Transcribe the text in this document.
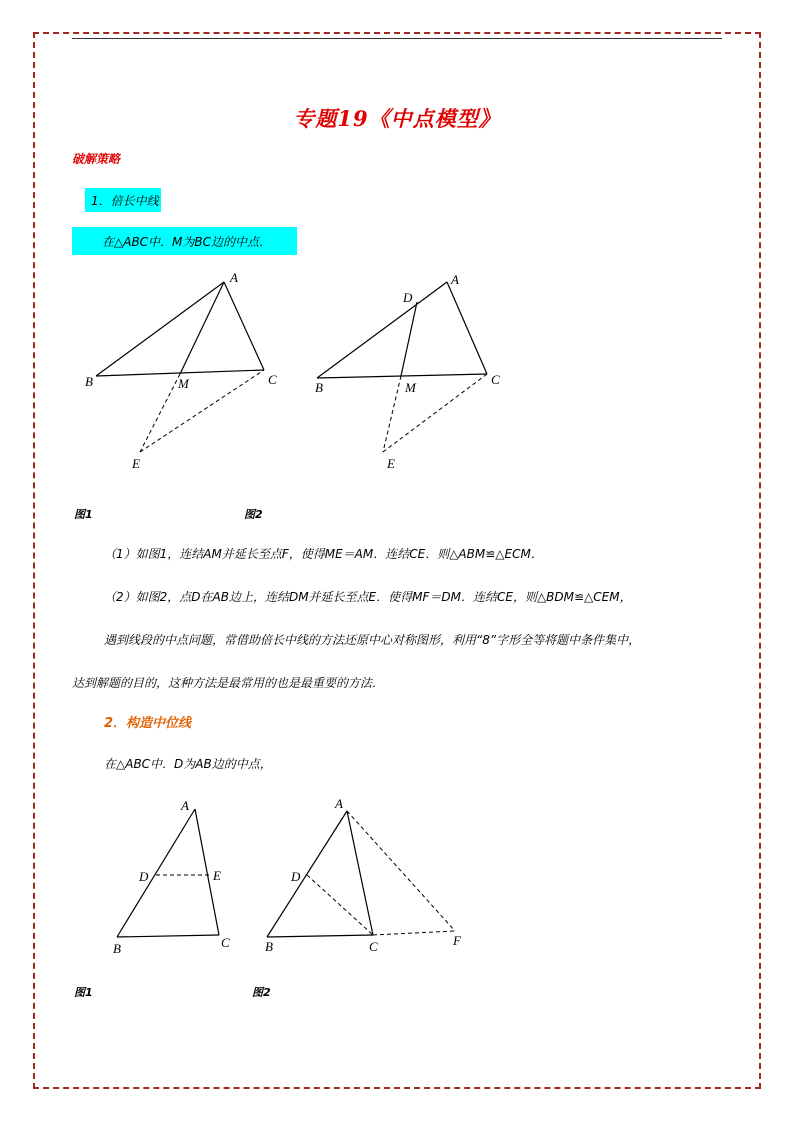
专题19《中点模型》
破解策略
1．倍长中线
在△ABC中．M为BC边的中点．
A
B	C
M
E
A
D
B
C
M
E
图1	图2
（1）如图1，连结AM并延长至点F，使得ME＝AM．连结CE．则△ABM≌△ECM．
（2）如图2，点D在AB边上，连结DM并延长至点E．使得MF＝DM．连结CE，则△BDM≌△CEM，
遇到线段的中点问题，常借助倍长中线的方法还原中心对称图形，利用“8”字形全等将题中条件集中，
达到解题的目的，这种方法是最常用的也是最重要的方法．
2．构造中位线
在△ABC中．D为AB边的中点，
A
D	E
B	C
A
D
B	C	F
图1	图2
